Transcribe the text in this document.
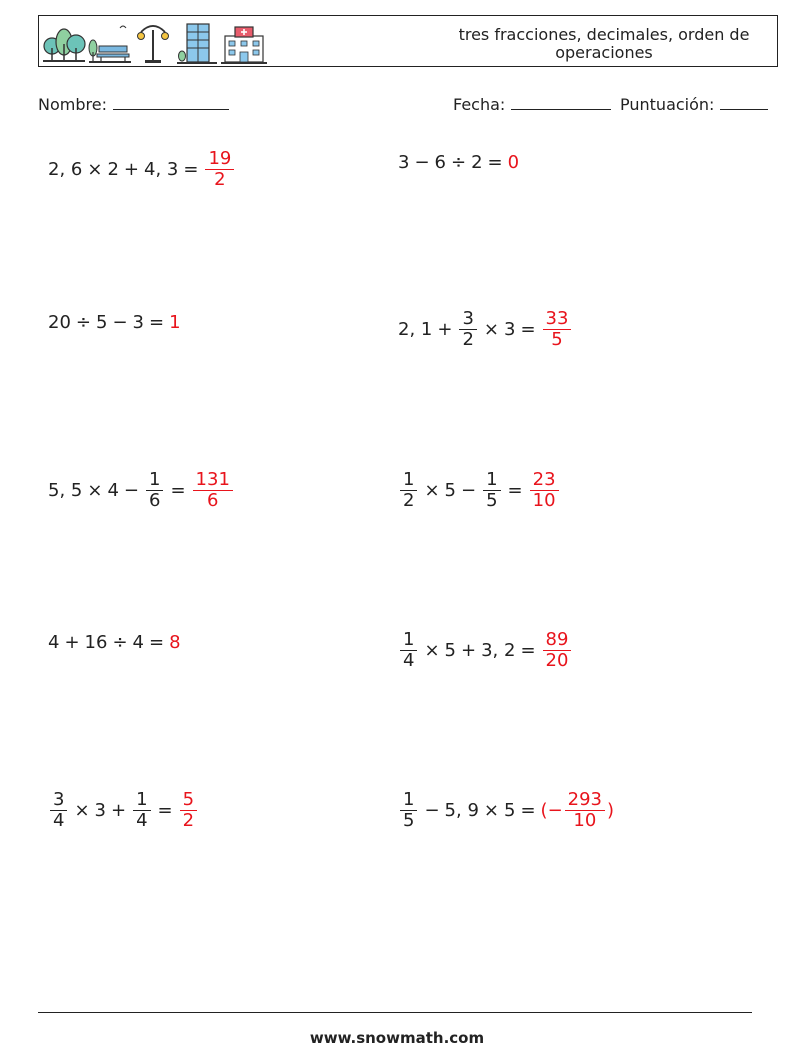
tres fracciones, decimales, orden de operaciones
Nombre:	Fecha:	Puntuación:
2, 6 × 2 + 4, $3 = \frac{19}{2}$	3 − 6 ÷ 2 = 0
20 ÷ 5 − 3 = 1	2, $1 + \frac{3}{2} \times 3 = \frac{33}{5}$
5, $5 \times 4 - \frac{1}{6} = \frac{131}{6}$	$\frac{1}{2} \times 5 - \frac{1}{5} = \frac{23}{10}$
4 + 16 ÷ 4 = 8	$\frac{1}{4} \times 5 + 3$, $2 = \frac{89}{20}$
$\frac{3}{4} \times 3 + \frac{1}{4} = \frac{5}{2}$	$\frac{1}{5} - 5$, 9 × 5 = (− $\frac{293}{10}$ )
www.snowmath.com
